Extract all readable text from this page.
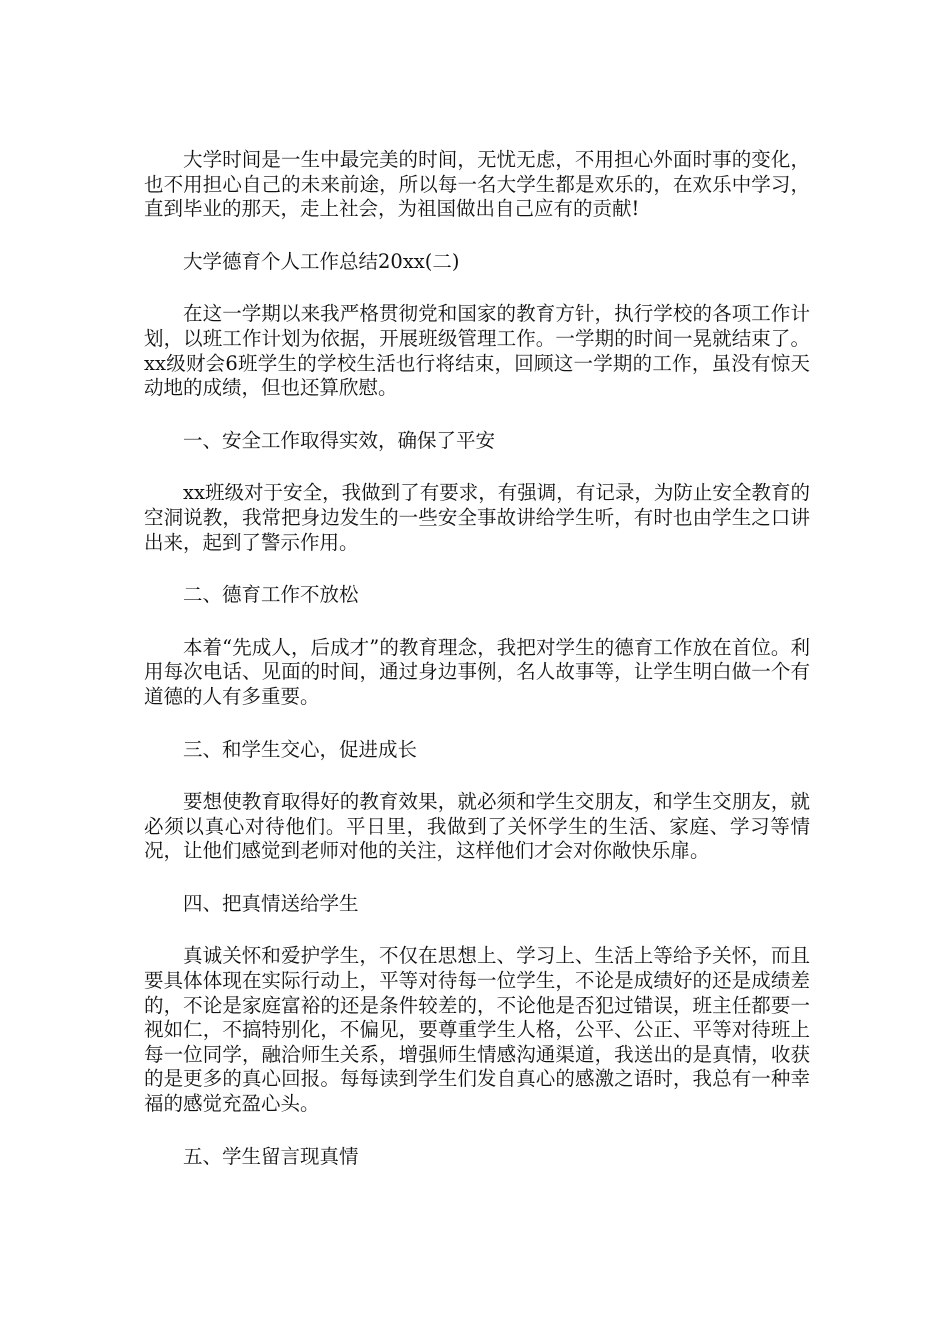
大学时间是一生中最完美的时间，无忧无虑，不用担心外面时事的变化，也不用担心自己的未来前途，所以每一名大学生都是欢乐的，在欢乐中学习，直到毕业的那天，走上社会，为祖国做出自己应有的贡献!

大学德育个人工作总结20xx(二)

在这一学期以来我严格贯彻党和国家的教育方针，执行学校的各项工作计划，以班工作计划为依据，开展班级管理工作。一学期的时间一晃就结束了。xx级财会6班学生的学校生活也行将结束，回顾这一学期的工作，虽没有惊天动地的成绩，但也还算欣慰。

一、安全工作取得实效，确保了平安

xx班级对于安全，我做到了有要求，有强调，有记录，为防止安全教育的空洞说教，我常把身边发生的一些安全事故讲给学生听，有时也由学生之口讲出来，起到了警示作用。

二、德育工作不放松

本着“先成人，后成才”的教育理念，我把对学生的德育工作放在首位。利用每次电话、见面的时间，通过身边事例，名人故事等，让学生明白做一个有道德的人有多重要。

三、和学生交心，促进成长

要想使教育取得好的教育效果，就必须和学生交朋友，和学生交朋友，就必须以真心对待他们。平日里，我做到了关怀学生的生活、家庭、学习等情况，让他们感觉到老师对他的关注，这样他们才会对你敞快乐扉。

四、把真情送给学生

真诚关怀和爱护学生，不仅在思想上、学习上、生活上等给予关怀，而且要具体体现在实际行动上，平等对待每一位学生，不论是成绩好的还是成绩差的，不论是家庭富裕的还是条件较差的，不论他是否犯过错误，班主任都要一视如仁，不搞特别化，不偏见，要尊重学生人格，公平、公正、平等对待班上每一位同学，融洽师生关系，增强师生情感沟通渠道，我送出的是真情，收获的是更多的真心回报。每每读到学生们发自真心的感激之语时，我总有一种幸福的感觉充盈心头。

五、学生留言现真情
